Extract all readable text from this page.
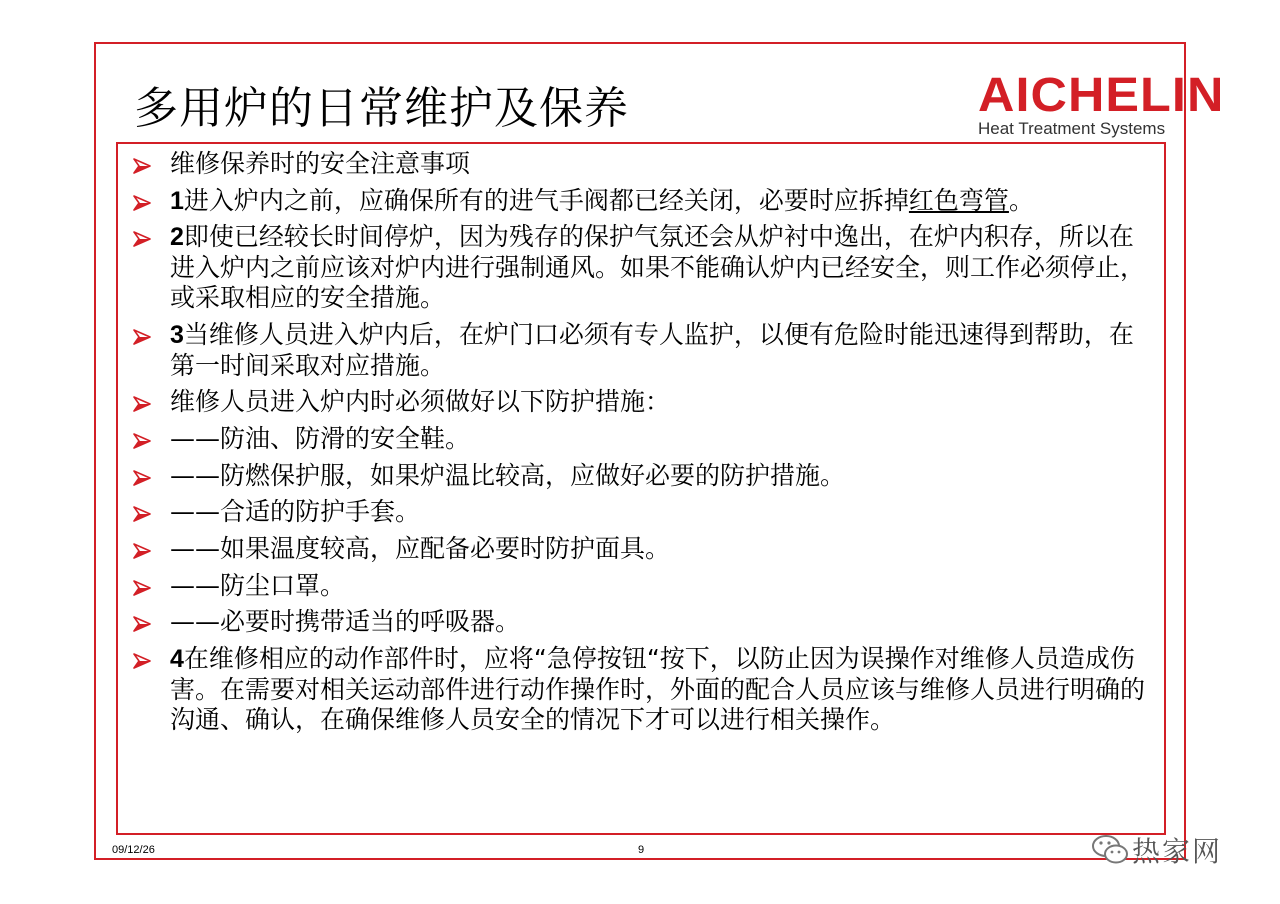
多用炉的日常维护及保养	AICHELIN
Heat Treatment Systems
维修保养时的安全注意事项
1进入炉内之前，应确保所有的进气手阀都已经关闭，必要时应拆掉红色弯管。
2即使已经较长时间停炉，因为残存的保护气氛还会从炉衬中逸出，在炉内积存，所以在进入炉内之前应该对炉内进行强制通风。如果不能确认炉内已经安全，则工作必须停止，或采取相应的安全措施。
3当维修人员进入炉内后，在炉门口必须有专人监护，以便有危险时能迅速得到帮助，在第一时间采取对应措施。
维修人员进入炉内时必须做好以下防护措施：
——防油、防滑的安全鞋。
——防燃保护服，如果炉温比较高，应做好必要的防护措施。
——合适的防护手套。
——如果温度较高，应配备必要时防护面具。
——防尘口罩。
——必要时携带适当的呼吸器。
4在维修相应的动作部件时，应将“急停按钮“按下，以防止因为误操作对维修人员造成伤害。在需要对相关运动部件进行动作操作时，外面的配合人员应该与维修人员进行明确的沟通、确认，在确保维修人员安全的情况下才可以进行相关操作。
09/12/26	9	热家网
